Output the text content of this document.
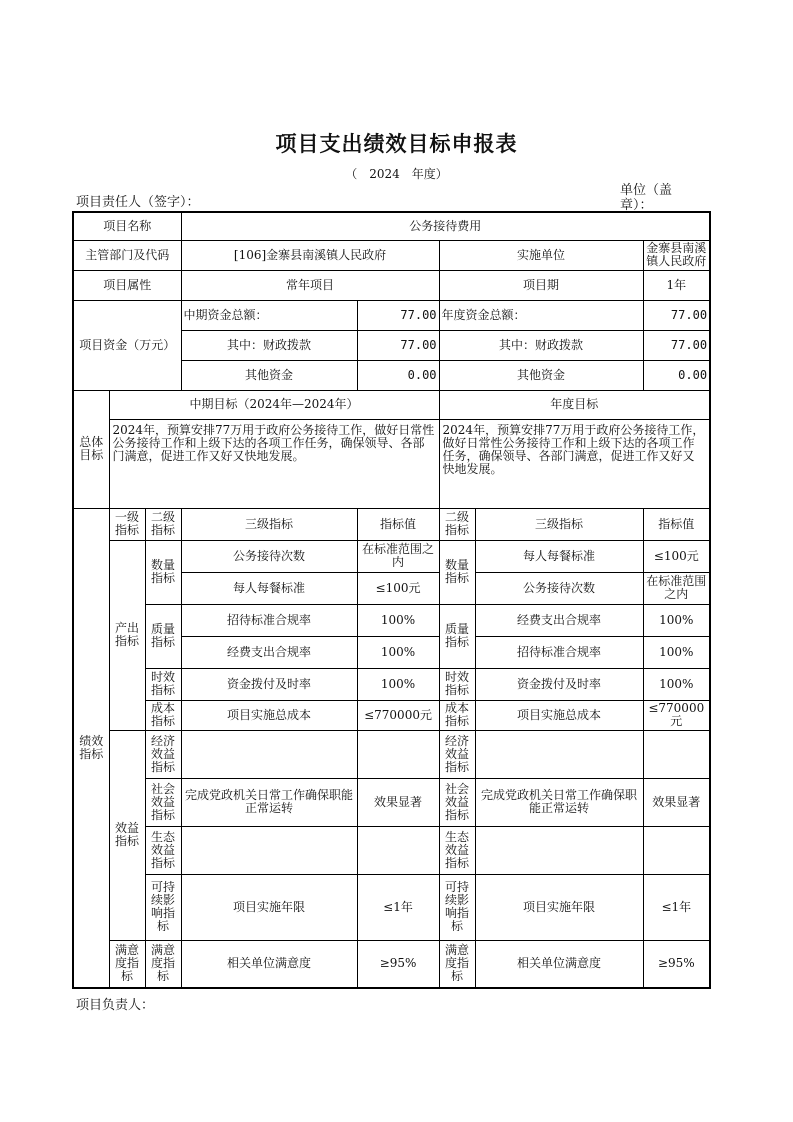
项目支出绩效目标申报表
（　2024　年度）
项目责任人（签字）：
单位（盖章）：
项目名称			公务接待费用				
主管部门及代码			[106]金寨县南溪镇人民政府		实施单位		金寨县南溪镇人民政府
项目属性			常年项目		项目期		1年
项目资金（万元）			中期资金总额：	77.00	年度资金总额：		77.00
			其中：财政拨款	77.00	其中：财政拨款		77.00
			其他资金	0.00	其他资金		0.00
总体目标	中期目标（2024年—2024年）				年度目标		
	2024年，预算安排77万用于政府公务接待工作，做好日常性公务接待工作和上级下达的各项工作任务，确保领导、各部门满意，促进工作又好又快地发展。				2024年，预算安排77万用于政府公务接待工作，做好日常性公务接待工作和上级下达的各项工作任务，确保领导、各部门满意，促进工作又好又快地发展。		
绩效指标	一级指标	二级指标	三级指标	指标值	二级指标	三级指标	指标值
	产出指标	数量指标	公务接待次数	在标准范围之内	数量指标	每人每餐标准	≤100元
			每人每餐标准	≤100元		公务接待次数	在标准范围之内
		质量指标	招待标准合规率	100%	质量指标	经费支出合规率	100%
			经费支出合规率	100%		招待标准合规率	100%
		时效指标	资金拨付及时率	100%	时效指标	资金拨付及时率	100%
		成本指标	项目实施总成本	≤770000元	成本指标	项目实施总成本	≤770000元
	效益指标	经济效益指标			经济效益指标		
		社会效益指标	完成党政机关日常工作确保职能正常运转	效果显著	社会效益指标	完成党政机关日常工作确保职能正常运转	效果显著
		生态效益指标			生态效益指标		
		可持续影响指标	项目实施年限	≤1年	可持续影响指标	项目实施年限	≤1年
	满意度指标	满意度指标	相关单位满意度	≥95%	满意度指标	相关单位满意度	≥95%
项目负责人：
